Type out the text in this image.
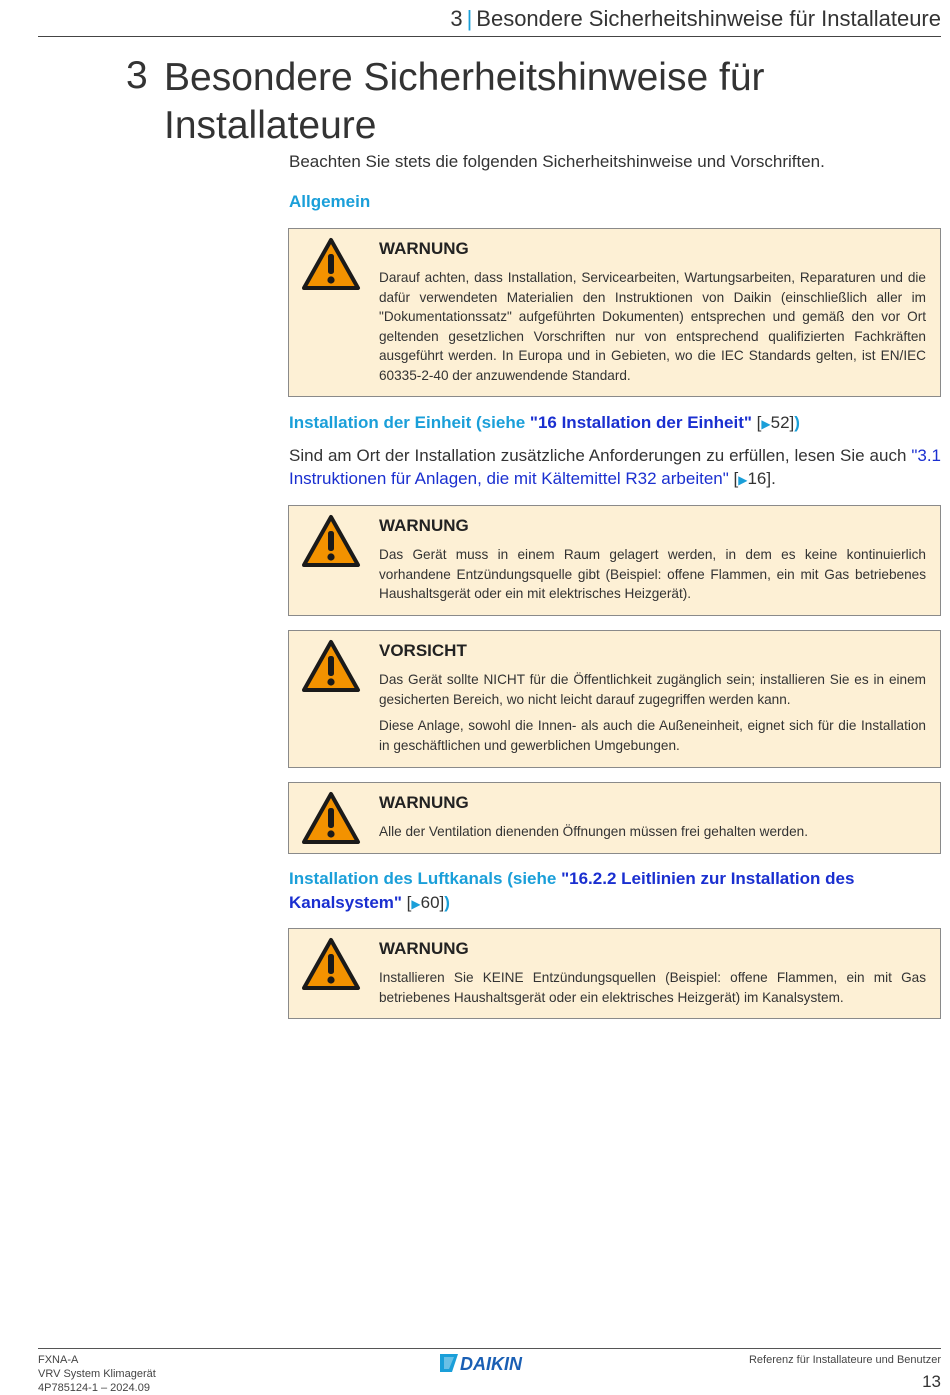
3 | Besondere Sicherheitshinweise für Installateure
3 Besondere Sicherheitshinweise für Installateure
Beachten Sie stets die folgenden Sicherheitshinweise und Vorschriften.
Allgemein
WARNUNG

Darauf achten, dass Installation, Servicearbeiten, Wartungsarbeiten, Reparaturen und die dafür verwendeten Materialien den Instruktionen von Daikin (einschließlich aller im "Dokumentationssatz" aufgeführten Dokumenten) entsprechen und gemäß den vor Ort geltenden gesetzlichen Vorschriften nur von entsprechend qualifizierten Fachkräften ausgeführt werden. In Europa und in Gebieten, wo die IEC Standards gelten, ist EN/IEC 60335-2-40 der anzuwendende Standard.

Installation der Einheit (siehe "16 Installation der Einheit" [▶52])
Sind am Ort der Installation zusätzliche Anforderungen zu erfüllen, lesen Sie auch "3.1 Instruktionen für Anlagen, die mit Kältemittel R32 arbeiten" [▶16].
WARNUNG

Das Gerät muss in einem Raum gelagert werden, in dem es keine kontinuierlich vorhandene Entzündungsquelle gibt (Beispiel: offene Flammen, ein mit Gas betriebenes Haushaltsgerät oder ein mit elektrisches Heizgerät).

VORSICHT

Das Gerät sollte NICHT für die Öffentlichkeit zugänglich sein; installieren Sie es in einem gesicherten Bereich, wo nicht leicht darauf zugegriffen werden kann.

Diese Anlage, sowohl die Innen- als auch die Außeneinheit, eignet sich für die Installation in geschäftlichen und gewerblichen Umgebungen.

WARNUNG

Alle der Ventilation dienenden Öffnungen müssen frei gehalten werden.

Installation des Luftkanals (siehe "16.2.2 Leitlinien zur Installation des Kanalsystem" [▶60])
WARNUNG

Installieren Sie KEINE Entzündungsquellen (Beispiel: offene Flammen, ein mit Gas betriebenes Haushaltsgerät oder ein elektrisches Heizgerät) im Kanalsystem.

FXNA-A
VRV System Klimagerät
4P785124-1 – 2024.09
DAIKIN	Referenz für Installateure und Benutzer
13
